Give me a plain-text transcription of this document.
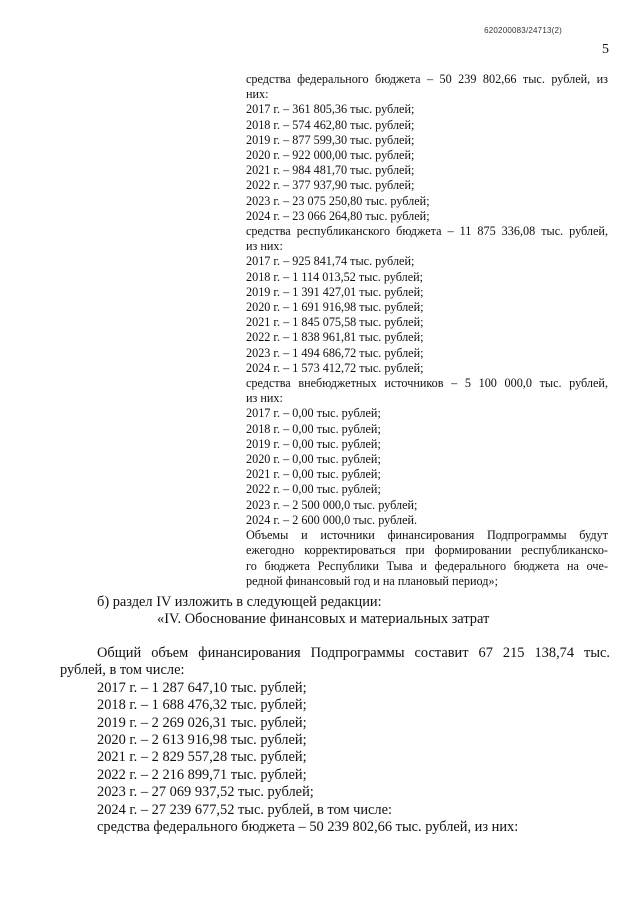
620200083/24713(2)
5
средства федерального бюджета – 50 239 802,66 тыс. рублей, из
них:
2017 г. – 361 805,36 тыс. рублей;
2018 г. – 574 462,80 тыс. рублей;
2019 г. – 877 599,30 тыс. рублей;
2020 г. – 922 000,00 тыс. рублей;
2021 г. – 984 481,70 тыс. рублей;
2022 г. – 377 937,90 тыс. рублей;
2023 г. – 23 075 250,80 тыс. рублей;
2024 г. – 23 066 264,80 тыс. рублей;
средства республиканского бюджета – 11 875 336,08 тыс. рублей,
из них:
2017 г. – 925 841,74 тыс. рублей;
2018 г. – 1 114 013,52 тыс. рублей;
2019 г. – 1 391 427,01 тыс. рублей;
2020 г. – 1 691 916,98 тыс. рублей;
2021 г. – 1 845 075,58 тыс. рублей;
2022 г. – 1 838 961,81 тыс. рублей;
2023 г. – 1 494 686,72 тыс. рублей;
2024 г. – 1 573 412,72 тыс. рублей;
средства внебюджетных источников – 5 100 000,0 тыс. рублей,
из них:
2017 г. – 0,00 тыс. рублей;
2018 г. – 0,00 тыс. рублей;
2019 г. – 0,00 тыс. рублей;
2020 г. – 0,00 тыс. рублей;
2021 г. – 0,00 тыс. рублей;
2022 г. – 0,00 тыс. рублей;
2023 г. – 2 500 000,0 тыс. рублей;
2024 г. – 2 600 000,0 тыс. рублей.
Объемы и источники финансирования Подпрограммы будут
ежегодно корректироваться при формировании республиканско-
го бюджета Республики Тыва и федерального бюджета на оче-
редной финансовый год и на плановый период»;
б) раздел IV изложить в следующей редакции:
«IV. Обоснование финансовых и материальных затрат
Общий объем финансирования Подпрограммы составит 67 215 138,74 тыс.
рублей, в том числе:
2017 г. – 1 287 647,10 тыс. рублей;
2018 г. – 1 688 476,32 тыс. рублей;
2019 г. – 2 269 026,31 тыс. рублей;
2020 г. – 2 613 916,98 тыс. рублей;
2021 г. – 2 829 557,28 тыс. рублей;
2022 г. – 2 216 899,71 тыс. рублей;
2023 г. – 27 069 937,52 тыс. рублей;
2024 г. – 27 239 677,52 тыс. рублей, в том числе:
средства федерального бюджета – 50 239 802,66 тыс. рублей, из них:
